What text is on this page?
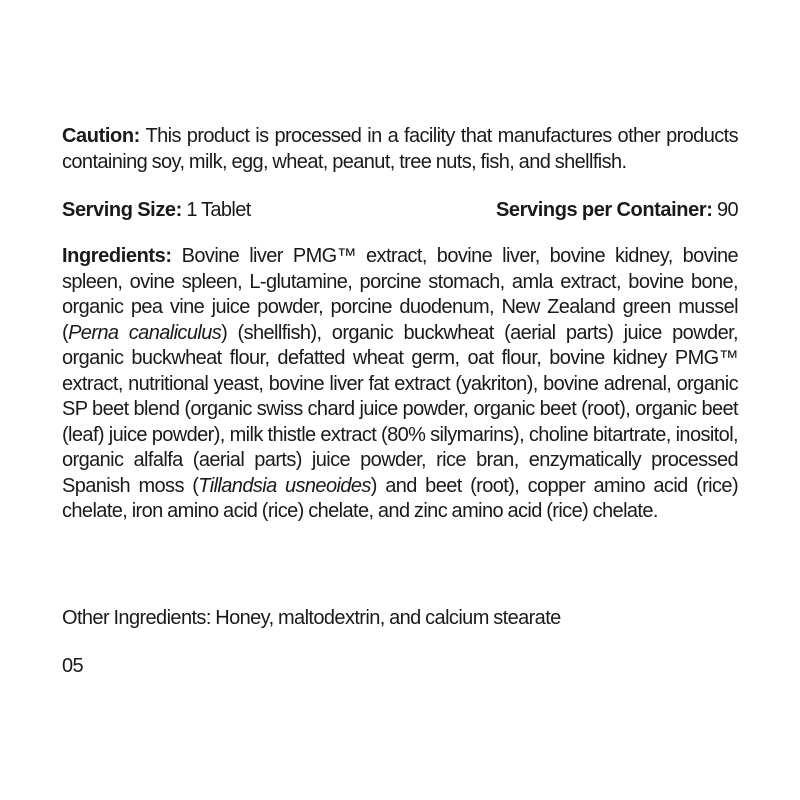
Caution: This product is processed in a facility that manufactures other products containing soy, milk, egg, wheat, peanut, tree nuts, fish, and shellfish.
Serving Size: 1 Tablet	Servings per Container: 90
Ingredients: Bovine liver PMG™ extract, bovine liver, bovine kidney, bovine spleen, ovine spleen, L-glutamine, porcine stomach, amla extract, bovine bone, organic pea vine juice powder, porcine duodenum, New Zealand green mussel (Perna canaliculus) (shellfish), organic buckwheat (aerial parts) juice powder, organic buckwheat flour, defatted wheat germ, oat flour, bovine kidney PMG™ extract, nutritional yeast, bovine liver fat extract (yakriton), bovine adrenal, organic SP beet blend (organic swiss chard juice powder, organic beet (root), organic beet (leaf) juice powder), milk thistle extract (80% silymarins), choline bitartrate, inositol, organic alfalfa (aerial parts) juice powder, rice bran, enzymatically processed Spanish moss (Tillandsia usneoides) and beet (root), copper amino acid (rice) chelate, iron amino acid (rice) chelate, and zinc amino acid (rice) chelate.
Other Ingredients: Honey, maltodextrin, and calcium stearate
05
